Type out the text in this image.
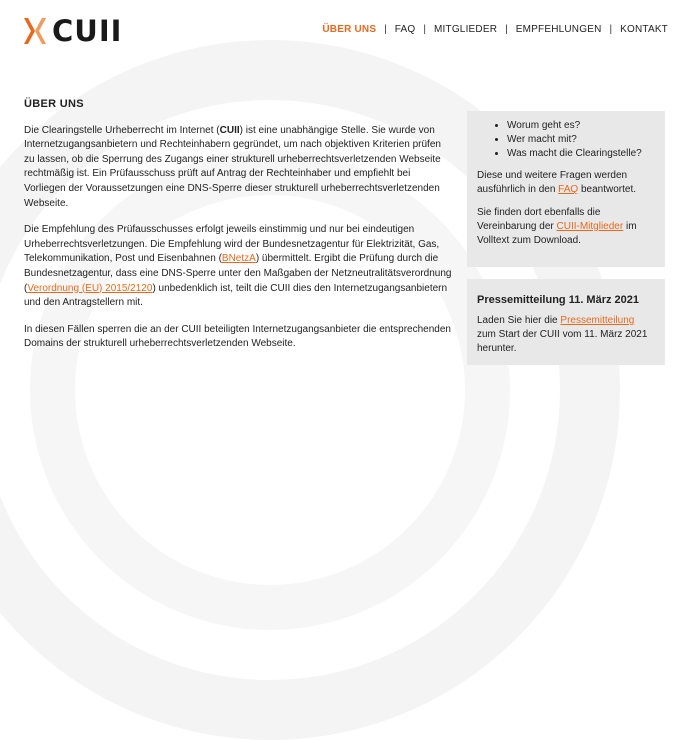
CUII	ÜBER UNS | FAQ | MITGLIEDER | EMPFEHLUNGEN | KONTAKT
ÜBER UNS

Die Clearingstelle Urheberrecht im Internet (CUII) ist eine unabhängige Stelle. Sie wurde von Internetzugangsanbietern und Rechteinhabern gegründet, um nach objektiven Kriterien prüfen zu lassen, ob die Sperrung des Zugangs einer strukturell urheberrechtsverletzenden Webseite rechtmäßig ist. Ein Prüfausschuss prüft auf Antrag der Rechteinhaber und empfiehlt bei Vorliegen der Voraussetzungen eine DNS-Sperre dieser strukturell urheberrechtsverletzenden Webseite.

Die Empfehlung des Prüfausschusses erfolgt jeweils einstimmig und nur bei eindeutigen Urheberrechtsverletzungen. Die Empfehlung wird der Bundesnetzagentur für Elektrizität, Gas, Telekommunikation, Post und Eisenbahnen (BNetzA) übermittelt. Ergibt die Prüfung durch die Bundesnetzagentur, dass eine DNS-Sperre unter den Maßgaben der Netzneutralitätsverordnung (Verordnung (EU) 2015/2120) unbedenklich ist, teilt die CUII dies den Internetzugangsanbietern und den Antragstellern mit.

In diesen Fällen sperren die an der CUII beteiligten Internetzugangsanbieter die entsprechenden Domains der strukturell urheberrechtsverletzenden Webseite.

• Worum geht es?
• Wer macht mit?
• Was macht die Clearingstelle?

Diese und weitere Fragen werden ausführlich in den FAQ beantwortet.

Sie finden dort ebenfalls die Vereinbarung der CUII-Mitglieder im Volltext zum Download.

Pressemitteilung 11. März 2021

Laden Sie hier die Pressemitteilung zum Start der CUII vom 11. März 2021 herunter.
